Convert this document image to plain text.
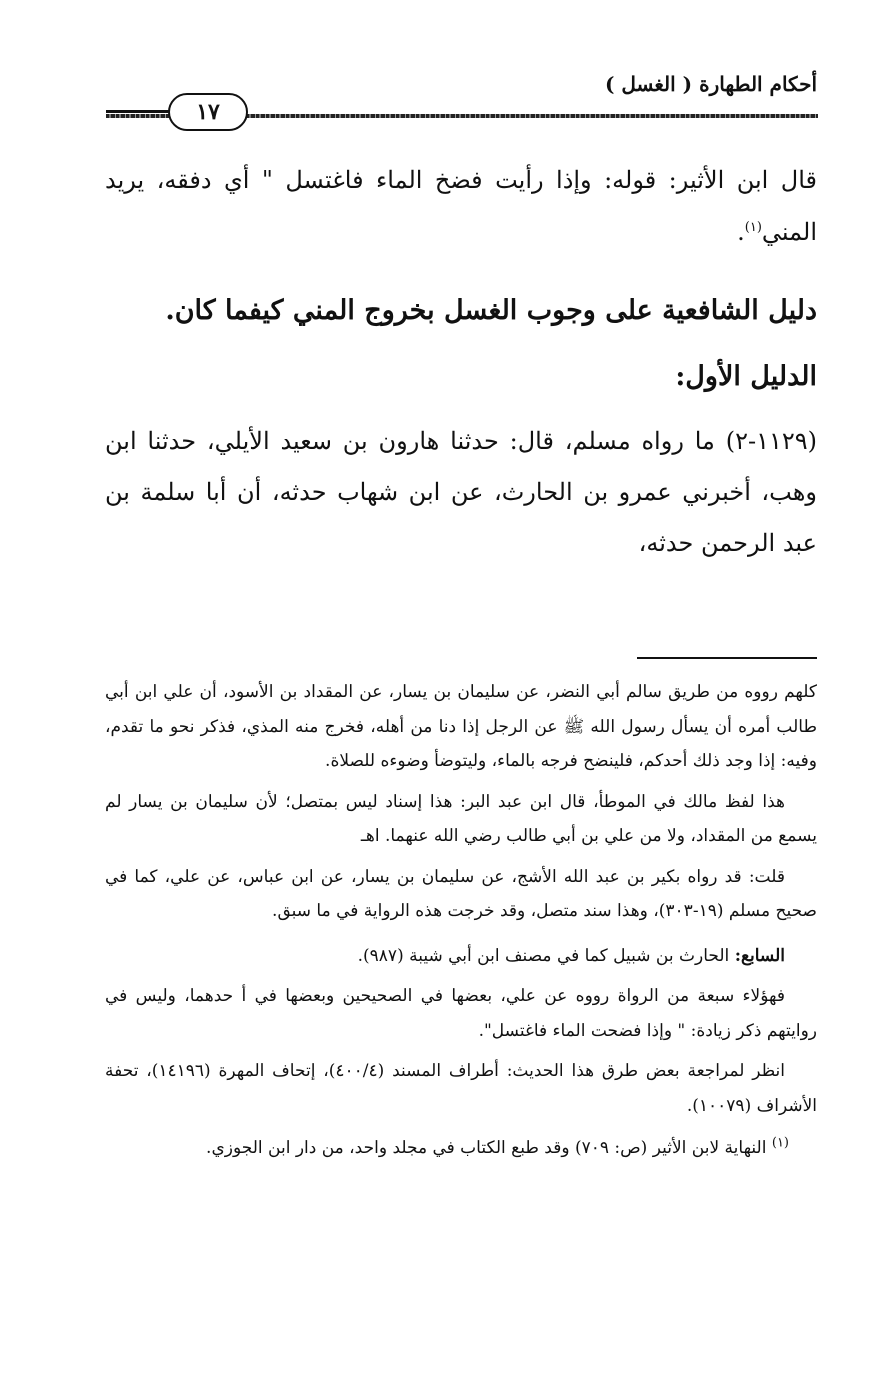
أحكام الطهارة ( الغسل )
١٧

قال ابن الأثير: قوله: وإذا رأيت فضخ الماء فاغتسل " أي دفقه، يريد المني$^{(١)}$.

دليل الشافعية على وجوب الغسل بخروج المني كيفما كان.
الدليل الأول:

(١١٢٩-٢) ما رواه مسلم، قال: حدثنا هارون بن سعيد الأيلي، حدثنا ابن وهب، أخبرني عمرو بن الحارث، عن ابن شهاب حدثه، أن أبا سلمة بن عبد الرحمن حدثه،

كلهم رووه من طريق سالم أبي النضر، عن سليمان بن يسار، عن المقداد بن الأسود، أن علي ابن أبي طالب أمره أن يسأل رسول الله ﷺ عن الرجل إذا دنا من أهله، فخرج منه المذي، فذكر نحو ما تقدم، وفيه: إذا وجد ذلك أحدكم، فلينضح فرجه بالماء، وليتوضأ وضوءه للصلاة.

هذا لفظ مالك في الموطأ، قال ابن عبد البر: هذا إسناد ليس بمتصل؛ لأن سليمان بن يسار لم يسمع من المقداد، ولا من علي بن أبي طالب رضي الله عنهما. اهـ

قلت: قد رواه بكير بن عبد الله الأشج، عن سليمان بن يسار، عن ابن عباس، عن علي، كما في صحيح مسلم (١٩-٣٠٣)، وهذا سند متصل، وقد خرجت هذه الرواية في ما سبق.

السابع: الحارث بن شبيل كما في مصنف ابن أبي شيبة (٩٨٧).

فهؤلاء سبعة من الرواة رووه عن علي، بعضها في الصحيحين وبعضها في أ حدهما، وليس في روايتهم ذكر زيادة: " وإذا فضحت الماء فاغتسل".

انظر لمراجعة بعض طرق هذا الحديث: أطراف المسند (٤٠٠/٤)، إتحاف المهرة (١٤١٩٦)، تحفة الأشراف (١٠٠٧٩).

$^{(١)}$ النهاية لابن الأثير (ص: ٧٠٩) وقد طبع الكتاب في مجلد واحد، من دار ابن الجوزي.
